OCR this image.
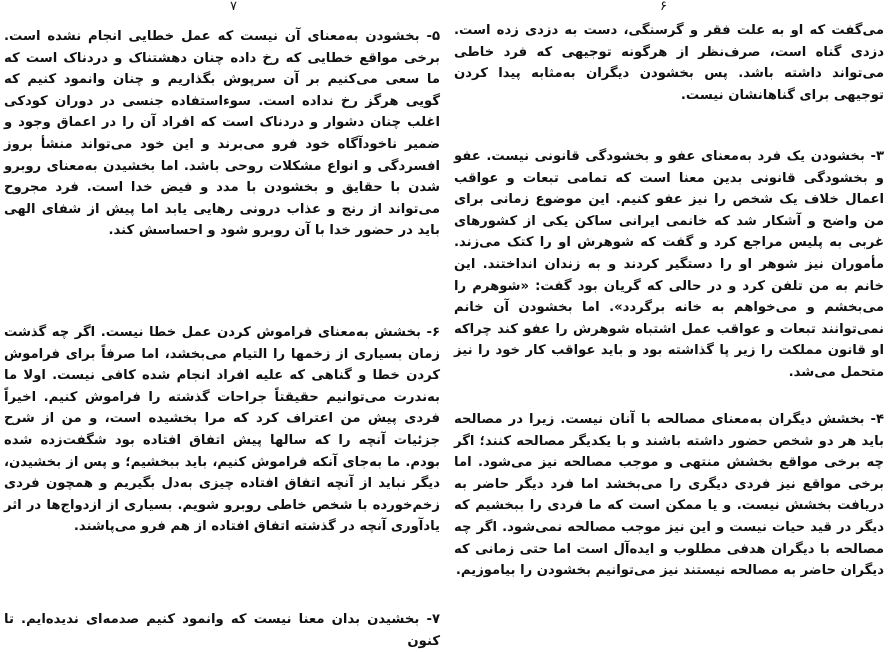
۷	۶

۵- بخشودن به‌معنای آن نیست که عمل خطایی انجام نشده است. برخی مواقع خطایی که رخ داده چنان دهشتناک و دردناک است که ما سعی می‌کنیم بر آن سرپوش بگذاریم و چنان وانمود کنیم که گویی هرگز رخ نداده است. سوءاستفاده جنسی در دوران کودکی اغلب چنان دشوار و دردناک است که افراد آن را در اعماق وجود و ضمیر ناخودآگاه خود فرو می‌برند و این خود می‌تواند منشأ بروز افسردگی و انواع مشکلات روحی باشد. اما بخشیدن به‌معنای روبرو شدن با حقایق و بخشودن با مدد و فیض خدا است. فرد مجروح می‌تواند از رنج و عذاب درونی رهایی یابد اما پیش از شفای الهی باید در حضور خدا با آن روبرو شود و احساسش کند.

۶- بخشش به‌معنای فراموش کردن عمل خطا نیست. اگر چه گذشت زمان بسیاری از زخمها را التیام می‌بخشد، اما صرفاً برای فراموش کردن خطا و گناهی که علیه افراد انجام شده کافی نیست. اولا ما به‌ندرت می‌توانیم حقیقتاً جراحات گذشته را فراموش کنیم. اخیراً فردی پیش من اعتراف کرد که مرا بخشیده است، و من از شرح جزئیات آنچه را که سالها پیش اتفاق افتاده بود شگفت‌زده شده بودم. ما به‌جای آنکه فراموش کنیم، باید ببخشیم؛ و پس از بخشیدن، دیگر نباید از آنچه اتفاق افتاده چیزی به‌دل بگیریم و همچون فردی زخم‌خورده با شخص خاطی روبرو شویم. بسیاری از ازدواج‌ها در اثر یادآوری آنچه در گذشته اتفاق افتاده از هم فرو می‌پاشند.

۷- بخشیدن بدان معنا نیست که وانمود کنیم صدمه‌ای ندیده‌ایم. تا کنون

می‌گفت که او به علت فقر و گرسنگی، دست به دزدی زده است. دزدی گناه است، صرف‌نظر از هرگونه توجیهی که فرد خاطی می‌تواند داشته باشد. پس بخشودن دیگران به‌مثابه پیدا کردن توجیهی برای گناهانشان نیست.

۳- بخشودن یک فرد به‌معنای عفو و بخشودگی قانونی نیست. عفو و بخشودگی قانونی بدین معنا است که تمامی تبعات و عواقب اعمال خلاف یک شخص را نیز عفو کنیم. این موضوع زمانی برای من واضح و آشکار شد که خانمی ایرانی ساکن یکی از کشورهای غربی به پلیس مراجع کرد و گفت که شوهرش او را کتک می‌زند. مأموران نیز شوهر او را دستگیر کردند و به زندان انداختند. این خانم به من تلفن کرد و در حالی که گریان بود گفت: «شوهرم را می‌بخشم و می‌خواهم به خانه برگردد». اما بخشودن آن خانم نمی‌توانند تبعات و عواقب عمل اشتباه شوهرش را عفو کند چراکه او قانون مملکت را زیر پا گذاشته بود و باید عواقب کار خود را نیز متحمل می‌شد.

۴- بخشش دیگران به‌معنای مصالحه با آنان نیست. زیرا در مصالحه باید هر دو شخص حضور داشته باشند و با یکدیگر مصالحه کنند؛ اگر چه برخی مواقع بخشش منتهی و موجب مصالحه نیز می‌شود. اما برخی مواقع نیز فردی دیگری را می‌بخشد اما فرد دیگر حاضر به دریافت بخشش نیست. و یا ممکن است که ما فردی را ببخشیم که دیگر در قید حیات نیست و این نیز موجب مصالحه نمی‌شود. اگر چه مصالحه با دیگران هدفی مطلوب و ایده‌آل است اما حتی زمانی که دیگران حاضر به مصالحه نیستند نیز می‌توانیم بخشودن را بیاموزیم.
